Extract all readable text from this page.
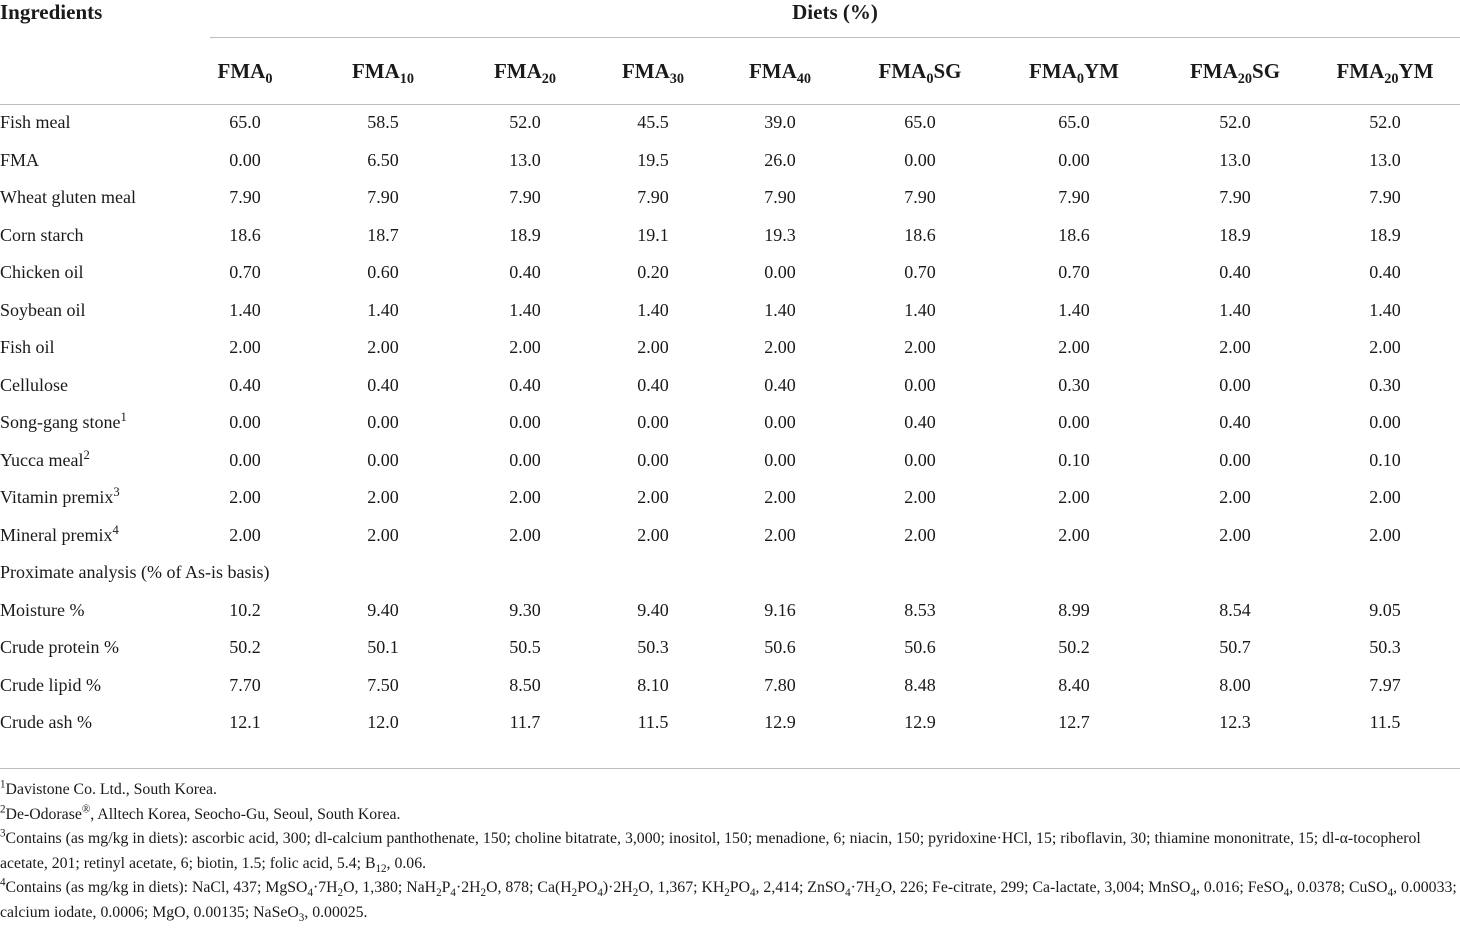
Ingredients	Diets (%)
	$FMA_0$	$FMA_{10}$	$FMA_{20}$	$FMA_{30}$	$FMA_{40}$	$FMA_0SG$	$FMA_0YM$	$FMA_{20}SG$	$FMA_{20}YM$
Fish meal	65.0	58.5	52.0	45.5	39.0	65.0	65.0	52.0	52.0
FMA	0.00	6.50	13.0	19.5	26.0	0.00	0.00	13.0	13.0
Wheat gluten meal	7.90	7.90	7.90	7.90	7.90	7.90	7.90	7.90	7.90
Corn starch	18.6	18.7	18.9	19.1	19.3	18.6	18.6	18.9	18.9
Chicken oil	0.70	0.60	0.40	0.20	0.00	0.70	0.70	0.40	0.40
Soybean oil	1.40	1.40	1.40	1.40	1.40	1.40	1.40	1.40	1.40
Fish oil	2.00	2.00	2.00	2.00	2.00	2.00	2.00	2.00	2.00
Cellulose	0.40	0.40	0.40	0.40	0.40	0.00	0.30	0.00	0.30
Song-gang stone$^1$	0.00	0.00	0.00	0.00	0.00	0.40	0.00	0.40	0.00
Yucca meal$^2$	0.00	0.00	0.00	0.00	0.00	0.00	0.10	0.00	0.10
Vitamin premix$^3$	2.00	2.00	2.00	2.00	2.00	2.00	2.00	2.00	2.00
Mineral premix$^4$	2.00	2.00	2.00	2.00	2.00	2.00	2.00	2.00	2.00
Proximate analysis (% of As-is basis)									
Moisture %	10.2	9.40	9.30	9.40	9.16	8.53	8.99	8.54	9.05
Crude protein %	50.2	50.1	50.5	50.3	50.6	50.6	50.2	50.7	50.3
Crude lipid %	7.70	7.50	8.50	8.10	7.80	8.48	8.40	8.00	7.97
Crude ash %	12.1	12.0	11.7	11.5	12.9	12.9	12.7	12.3	11.5

$^1$Davistone Co. Ltd., South Korea.

$^2$De-Odorase®, Alltech Korea, Seocho-Gu, Seoul, South Korea.

$^3$Contains (as mg/kg in diets): ascorbic acid, 300; dl-calcium panthothenate, 150; choline bitatrate, 3,000; inositol, 150; menadione, 6; niacin, 150; pyridoxine·HCl, 15; riboflavin, 30; thiamine mononitrate, 15; dl-α-tocopherol acetate, 201; retinyl acetate, 6; biotin, 1.5; folic acid, 5.4; $B_{12}$, 0.06.

$^4$Contains (as mg/kg in diets): NaCl, 437; $MgSO_4\cdot 7H_2O$, 1,380; $NaH_2P_4\cdot 2H_2O$, 878; $Ca(H_2PO_4)\cdot 2H_2O$, 1,367; $KH_2PO_4$, 2,414; $ZnSO_4\cdot 7H_2O$, 226; Fe-citrate, 299; Ca-lactate, 3,004; MnSO$_4$, 0.016; FeSO$_4$, 0.0378; CuSO$_4$, 0.00033; calcium iodate, 0.0006; MgO, 0.00135; NaSeO$_3$, 0.00025.
